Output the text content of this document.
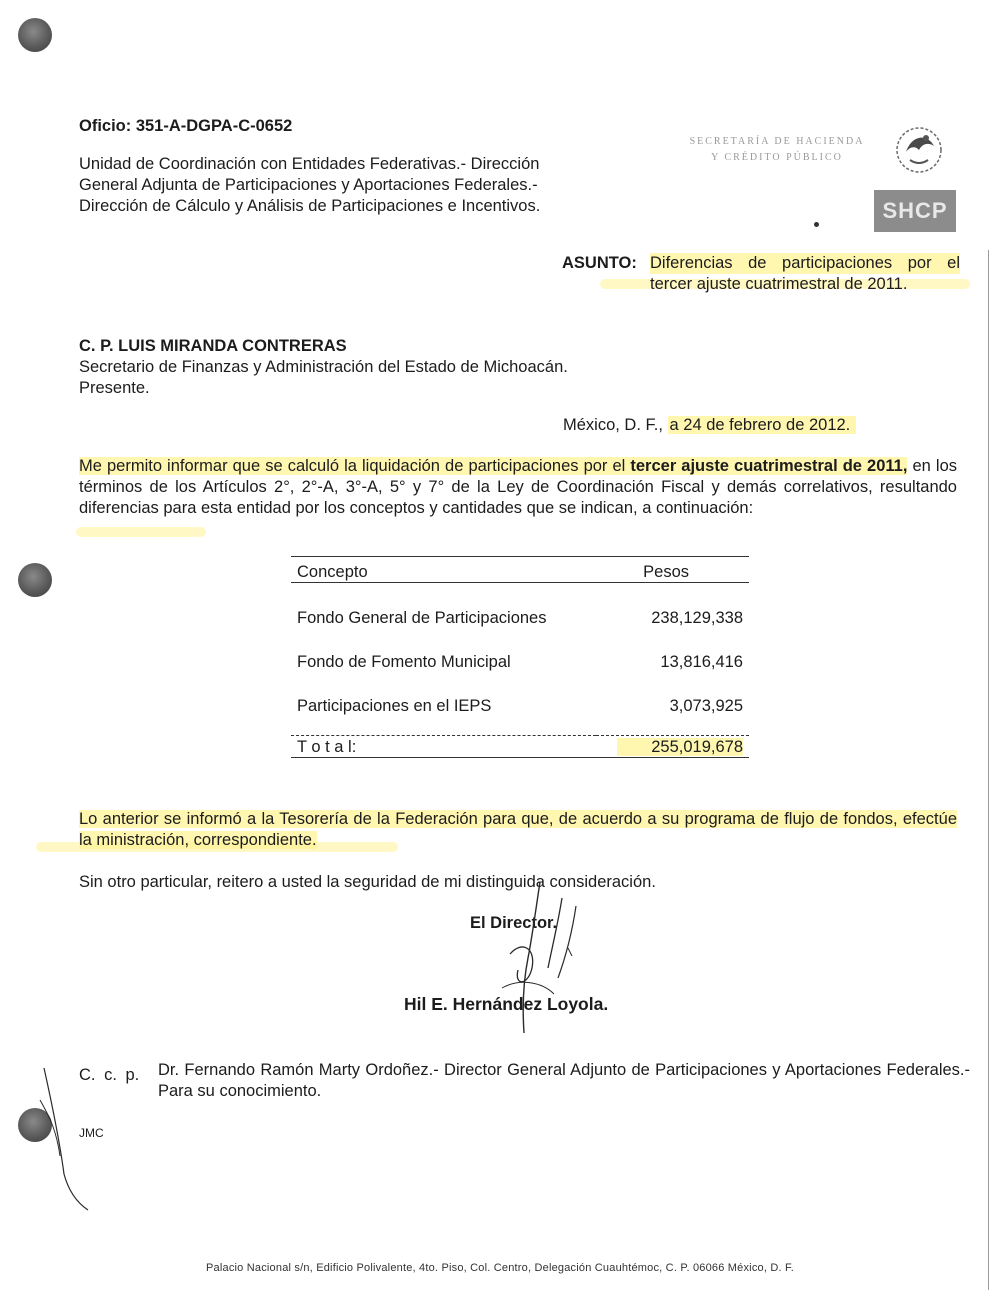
Oficio: 351-A-DGPA-C-0652
Unidad de Coordinación con Entidades Federativas.- Dirección
General Adjunta de Participaciones y Aportaciones Federales.-
Dirección de Cálculo y Análisis de Participaciones e Incentivos.
SECRETARÍA DE HACIENDA
Y CRÉDITO PÚBLICO
SHCP
ASUNTO: Diferencias de participaciones por el
tercer ajuste cuatrimestral de 2011.
C. P. LUIS MIRANDA CONTRERAS
Secretario de Finanzas y Administración del Estado de Michoacán.
Presente.
México, D. F., a 24 de febrero de 2012.
Me permito informar que se calculó la liquidación de participaciones por el tercer ajuste cuatrimestral de 2011, en los términos de los Artículos 2°, 2°-A, 3°-A, 5° y 7° de la Ley de Coordinación Fiscal y demás correlativos, resultando diferencias para esta entidad por los conceptos y cantidades que se indican, a continuación:
Concepto	Pesos
Fondo General de Participaciones	238,129,338
Fondo de Fomento Municipal	13,816,416
Participaciones en el IEPS	3,073,925
T o t a l:	255,019,678
Lo anterior se informó a la Tesorería de la Federación para que, de acuerdo a su programa de flujo de fondos, efectúe la ministración, correspondiente.
Sin otro particular, reitero a usted la seguridad de mi distinguida consideración.
El Director.
Hil E. Hernández Loyola.
C. c. p. Dr. Fernando Ramón Marty Ordoñez.- Director General Adjunto de Participaciones y Aportaciones Federales.- Para su conocimiento.
JMC
Palacio Nacional s/n, Edificio Polivalente, 4to. Piso, Col. Centro, Delegación Cuauhtémoc, C. P. 06066 México, D. F.
